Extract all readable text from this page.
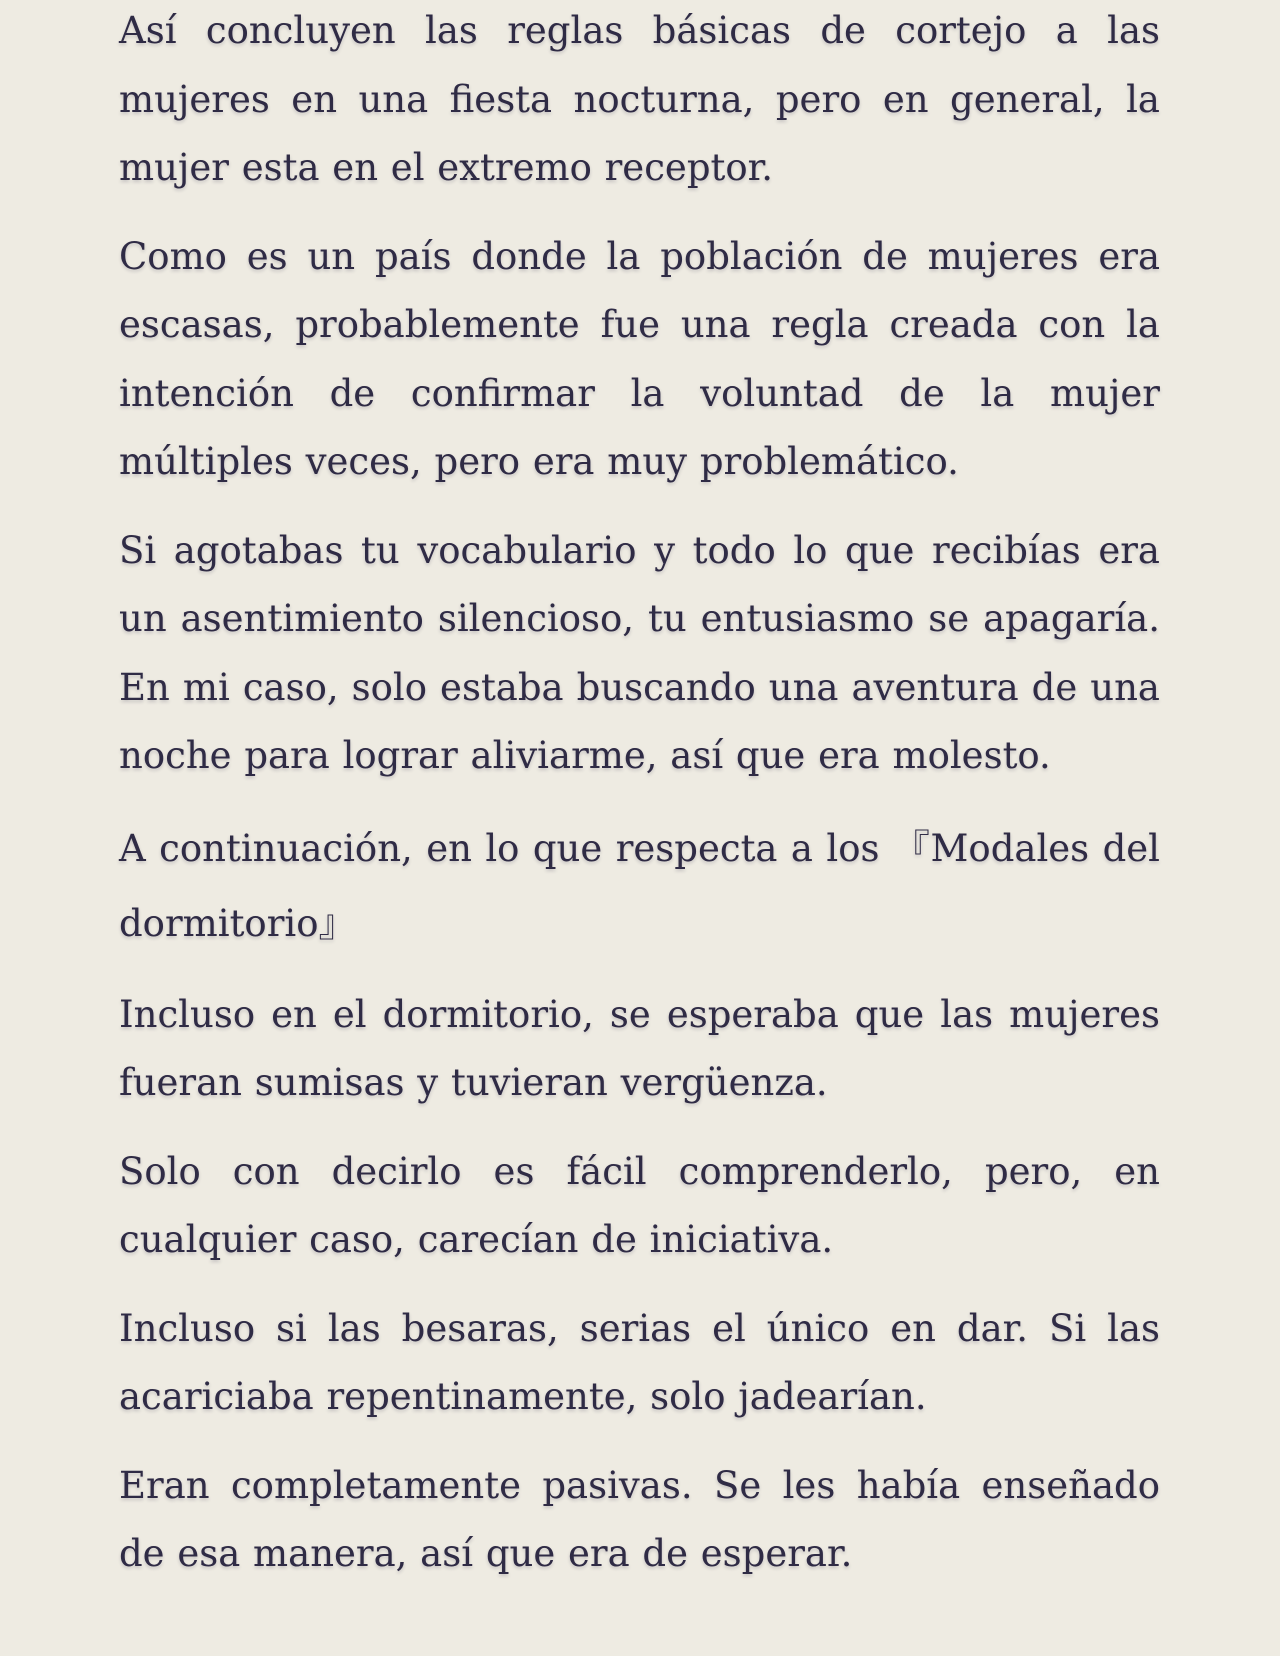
Así concluyen las reglas básicas de cortejo a las mujeres en una fiesta nocturna, pero en general, la mujer esta en el extremo receptor.

Como es un país donde la población de mujeres era escasas, probablemente fue una regla creada con la intención de confirmar la voluntad de la mujer múltiples veces, pero era muy problemático.

Si agotabas tu vocabulario y todo lo que recibías era un asentimiento silencioso, tu entusiasmo se apagaría. En mi caso, solo estaba buscando una aventura de una noche para lograr aliviarme, así que era molesto.

A continuación, en lo que respecta a los 『Modales del dormitorio』

Incluso en el dormitorio, se esperaba que las mujeres fueran sumisas y tuvieran vergüenza.

Solo con decirlo es fácil comprenderlo, pero, en cualquier caso, carecían de iniciativa.

Incluso si las besaras, serias el único en dar. Si las acariciaba repentinamente, solo jadearían.

Eran completamente pasivas. Se les había enseñado de esa manera, así que era de esperar.
